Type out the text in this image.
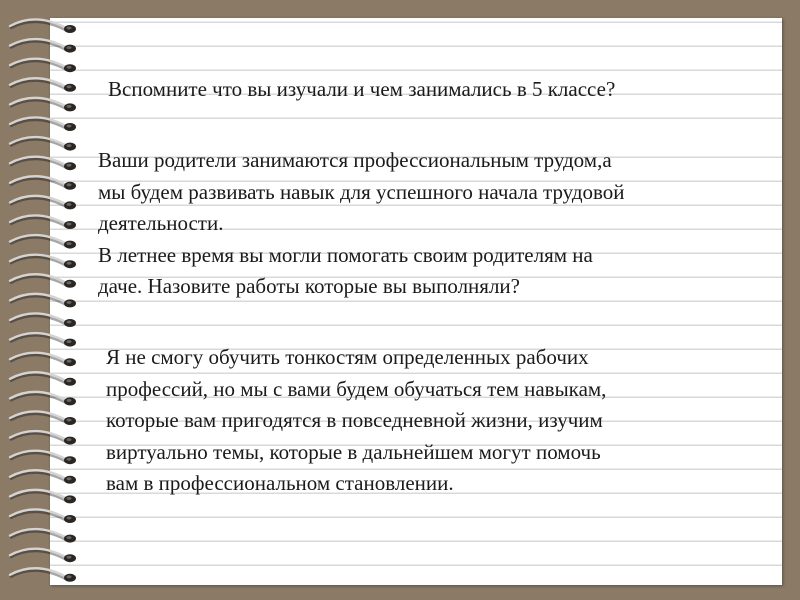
Вспомните что вы изучали и чем занимались в 5 классе?
Ваши родители занимаются профессиональным трудом,а
мы будем развивать навык для успешного начала трудовой
деятельности.
В летнее время вы могли помогать своим родителям на
даче. Назовите работы которые вы выполняли?
Я не смогу обучить тонкостям определенных рабочих
профессий, но мы с вами будем обучаться тем навыкам,
которые вам пригодятся в повседневной жизни, изучим
виртуально темы, которые в дальнейшем могут помочь
вам в профессиональном становлении.
